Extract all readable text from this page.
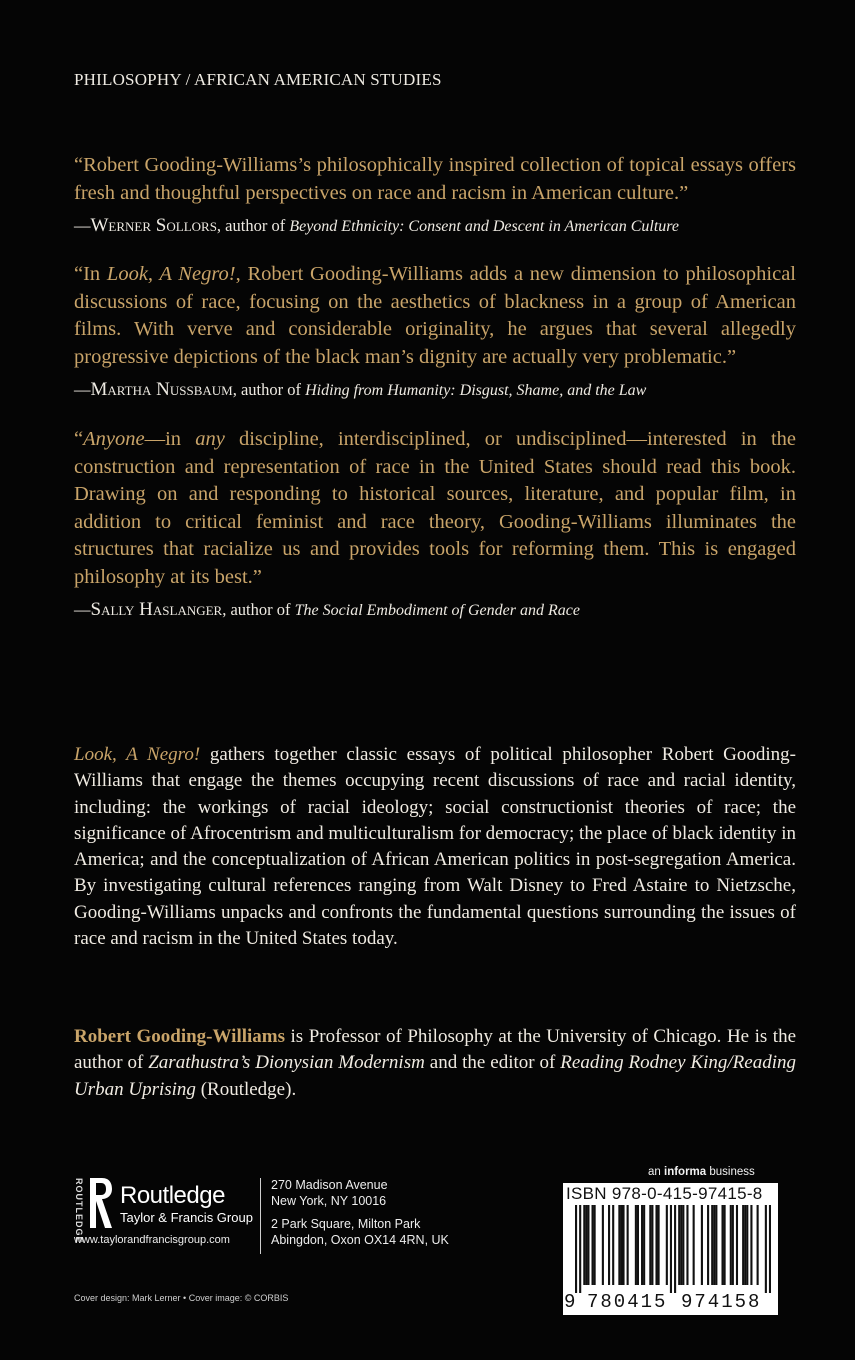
PHILOSOPHY / AFRICAN AMERICAN STUDIES

“Robert Gooding-Williams’s philosophically inspired collection of topical essays offers fresh and thoughtful perspectives on race and racism in American culture.”

—Werner Sollors, author of Beyond Ethnicity: Consent and Descent in American Culture

“In Look, A Negro!, Robert Gooding-Williams adds a new dimension to philosophical discussions of race, focusing on the aesthetics of blackness in a group of American films. With verve and considerable originality, he argues that several allegedly progressive depictions of the black man’s dignity are actually very problematic.”

—Martha Nussbaum, author of Hiding from Humanity: Disgust, Shame, and the Law

“Anyone—in any discipline, interdisciplined, or undisciplined—interested in the construction and representation of race in the United States should read this book. Drawing on and responding to historical sources, literature, and popular film, in addition to critical feminist and race theory, Gooding-Williams illuminates the structures that racialize us and provides tools for reforming them. This is engaged philosophy at its best.”

—Sally Haslanger, author of The Social Embodiment of Gender and Race

Look, A Negro! gathers together classic essays of political philosopher Robert Gooding-Williams that engage the themes occupying recent discussions of race and racial identity, including: the workings of racial ideology; social constructionist theories of race; the significance of Afrocentrism and multiculturalism for democracy; the place of black identity in America; and the conceptualization of African American politics in post-segregation America. By investigating cultural references ranging from Walt Disney to Fred Astaire to Nietzsche, Gooding-Williams unpacks and confronts the fundamental questions surrounding the issues of race and racism in the United States today.

Robert Gooding-Williams is Professor of Philosophy at the University of Chicago. He is the author of Zarathustra’s Dionysian Modernism and the editor of Reading Rodney King/Reading Urban Uprising (Routledge).

ROUTLEDGE Routledge
Taylor & Francis Group
www.taylorandfrancisgroup.com
270 Madison Avenue
New York, NY 10016
2 Park Square, Milton Park
Abingdon, Oxon OX14 4RN, UK
Cover design: Mark Lerner • Cover image: © CORBIS
an informa business
ISBN 978-0-415-97415-8
9 780415 974158
